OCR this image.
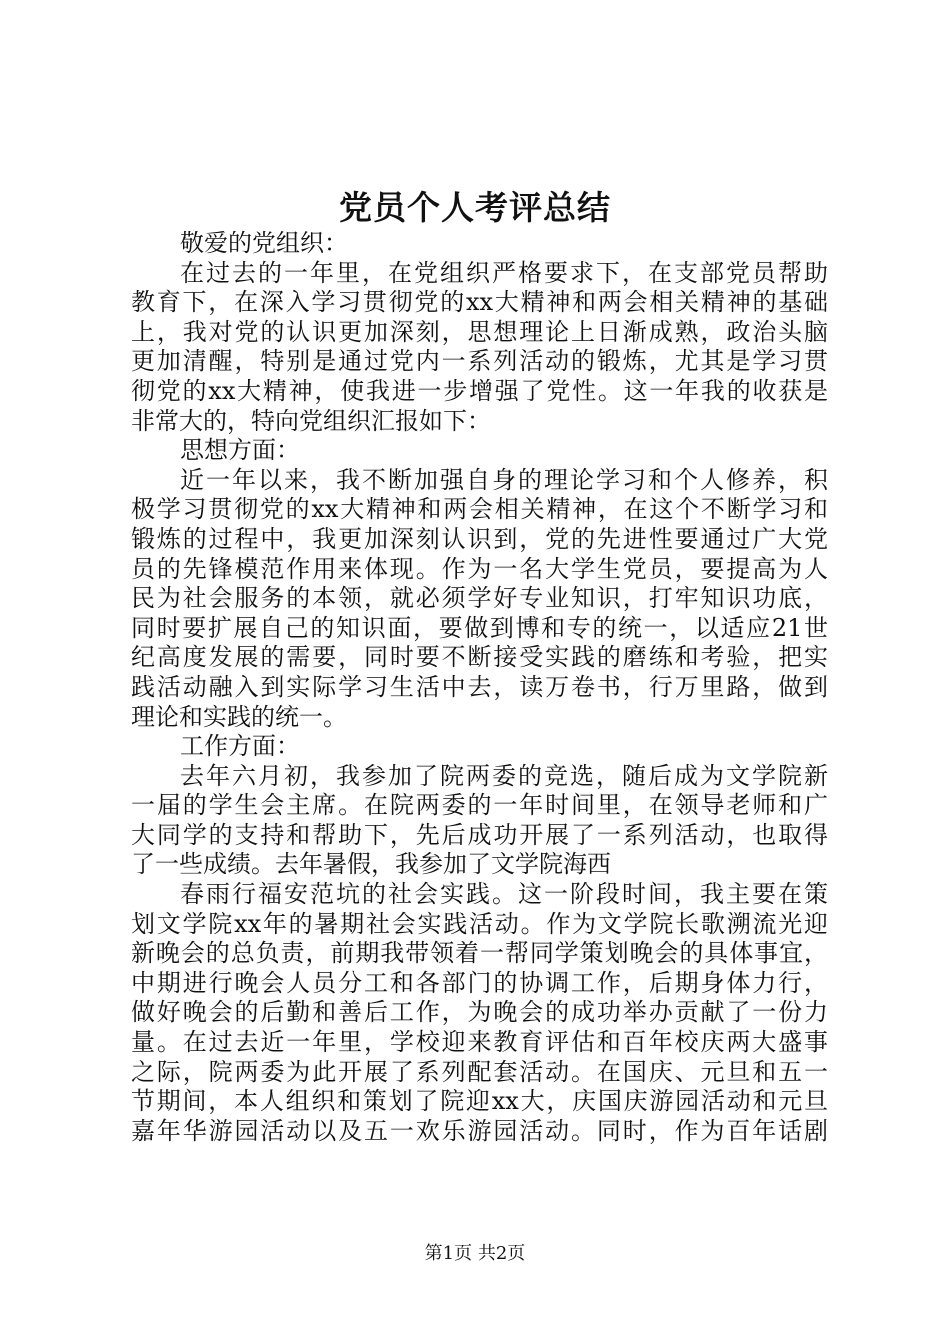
党员个人考评总结
敬爱的党组织：
在过去的一年里，在党组织严格要求下，在支部党员帮助
教育下，在深入学习贯彻党的xx大精神和两会相关精神的基础
上，我对党的认识更加深刻，思想理论上日渐成熟，政治头脑
更加清醒，特别是通过党内一系列活动的锻炼，尤其是学习贯
彻党的xx大精神，使我进一步增强了党性。这一年我的收获是
非常大的，特向党组织汇报如下：
思想方面：
近一年以来，我不断加强自身的理论学习和个人修养，积
极学习贯彻党的xx大精神和两会相关精神，在这个不断学习和
锻炼的过程中，我更加深刻认识到，党的先进性要通过广大党
员的先锋模范作用来体现。作为一名大学生党员，要提高为人
民为社会服务的本领，就必须学好专业知识，打牢知识功底，
同时要扩展自己的知识面，要做到博和专的统一，以适应21世
纪高度发展的需要，同时要不断接受实践的磨练和考验，把实
践活动融入到实际学习生活中去，读万卷书，行万里路，做到
理论和实践的统一。
工作方面：
去年六月初，我参加了院两委的竞选，随后成为文学院新
一届的学生会主席。在院两委的一年时间里，在领导老师和广
大同学的支持和帮助下，先后成功开展了一系列活动，也取得
了一些成绩。去年暑假，我参加了文学院海西
春雨行福安范坑的社会实践。这一阶段时间，我主要在策
划文学院xx年的暑期社会实践活动。作为文学院长歌溯流光迎
新晚会的总负责，前期我带领着一帮同学策划晚会的具体事宜，
中期进行晚会人员分工和各部门的协调工作，后期身体力行，
做好晚会的后勤和善后工作，为晚会的成功举办贡献了一份力
量。在过去近一年里，学校迎来教育评估和百年校庆两大盛事
之际，院两委为此开展了系列配套活动。在国庆、元旦和五一
节期间，本人组织和策划了院迎xx大，庆国庆游园活动和元旦
嘉年华游园活动以及五一欢乐游园活动。同时，作为百年话剧
第1页 共2页
